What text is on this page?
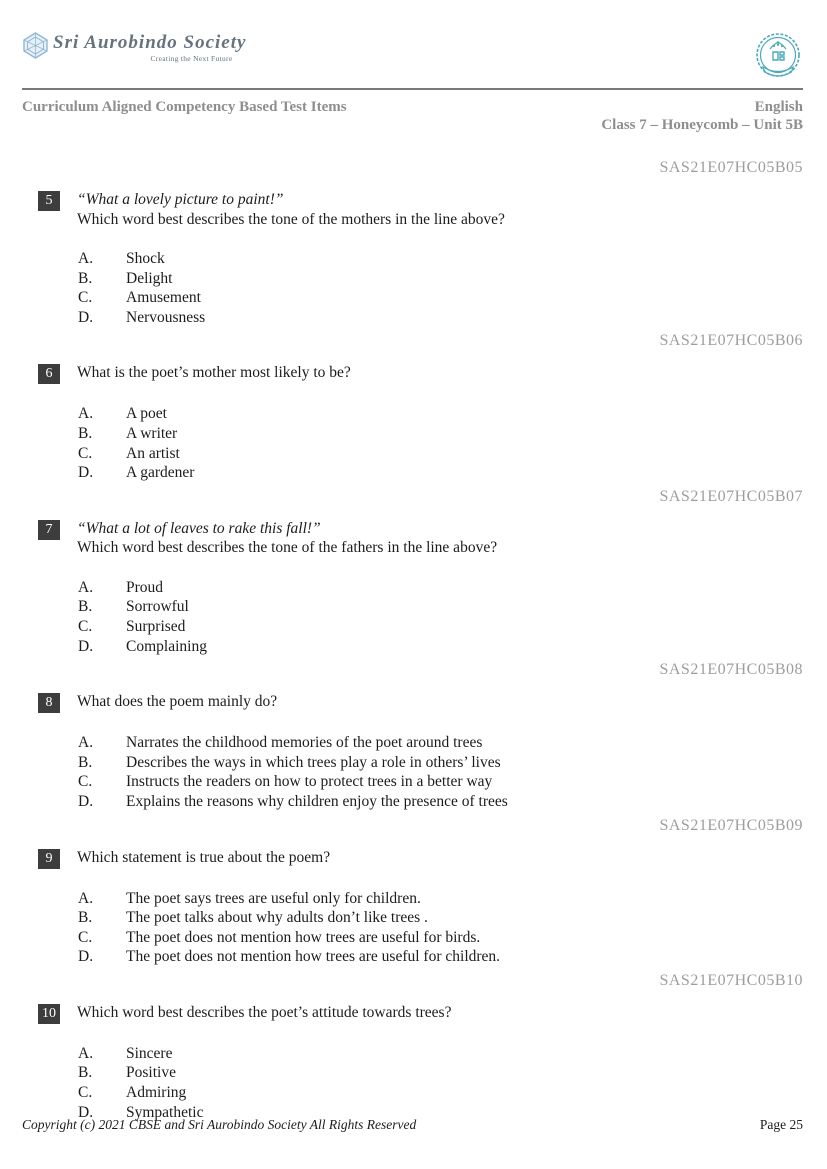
Sri Aurobindo Society
Creating the Next Future
Curriculum Aligned Competency Based Test Items	English
Class 7 – Honeycomb – Unit 5B
SAS21E07HC05B05
5	“What a lovely picture to paint!”
Which word best describes the tone of the mothers in the line above?
A.	Shock
B.	Delight
C.	Amusement
D.	Nervousness
SAS21E07HC05B06
6	What is the poet’s mother most likely to be?
A.	A poet
B.	A writer
C.	An artist
D.	A gardener
SAS21E07HC05B07
7	“What a lot of leaves to rake this fall!”
Which word best describes the tone of the fathers in the line above?
A.	Proud
B.	Sorrowful
C.	Surprised
D.	Complaining
SAS21E07HC05B08
8	What does the poem mainly do?
A.	Narrates the childhood memories of the poet around trees
B.	Describes the ways in which trees play a role in others’ lives
C.	Instructs the readers on how to protect trees in a better way
D.	Explains the reasons why children enjoy the presence of trees
SAS21E07HC05B09
9	Which statement is true about the poem?
A.	The poet says trees are useful only for children.
B.	The poet talks about why adults don’t like trees .
C.	The poet does not mention how trees are useful for birds.
D.	The poet does not mention how trees are useful for children.
SAS21E07HC05B10
10 Which word best describes the poet’s attitude towards trees?
A.	Sincere
B.	Positive
C.	Admiring
D.	Sympathetic
Copyright (c) 2021 CBSE and Sri Aurobindo Society All Rights Reserved	Page 25
